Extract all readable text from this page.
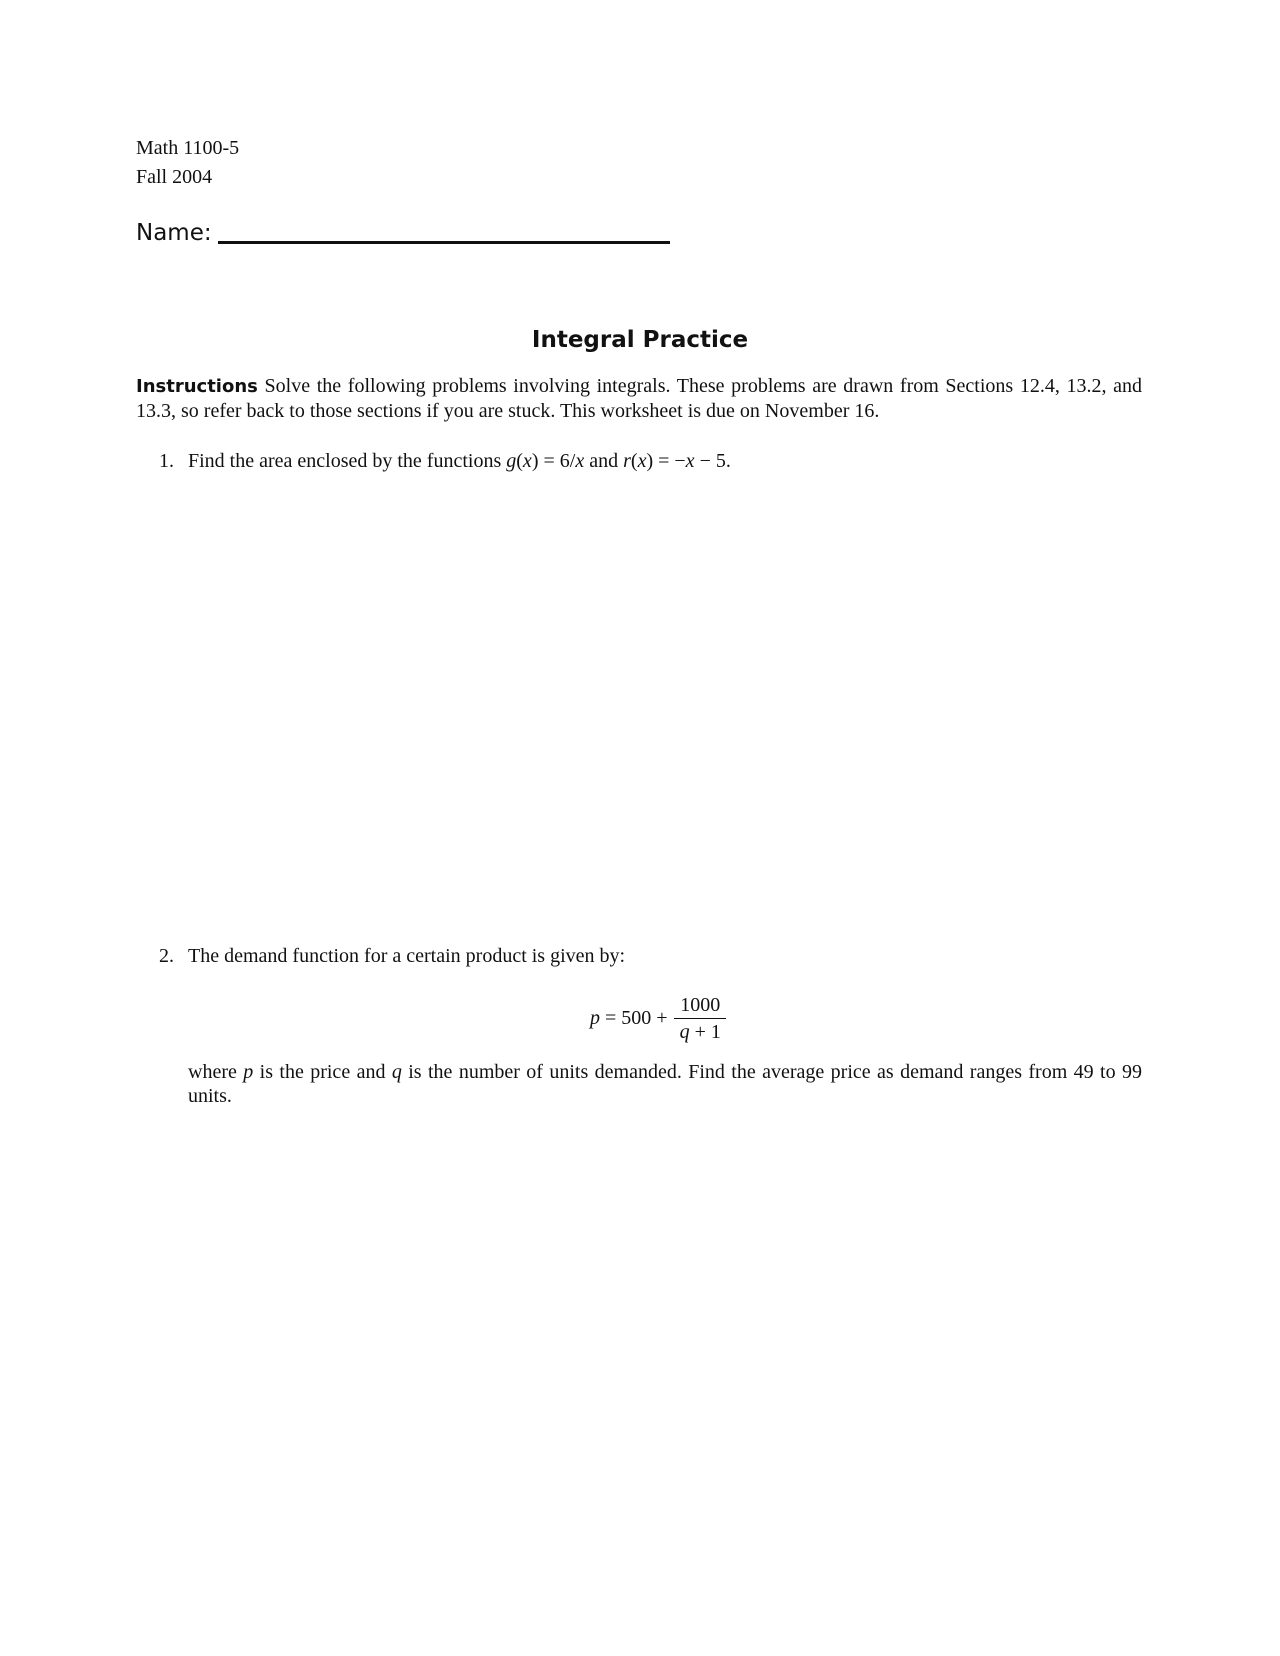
Math 1100-5
Fall 2004
Name:
Integral Practice
Instructions Solve the following problems involving integrals. These problems are drawn from Sections 12.4, 13.2, and 13.3, so refer back to those sections if you are stuck. This worksheet is due on November 16.
1. Find the area enclosed by the functions g(x) = 6/x and r(x) = −x − 5.
2. The demand function for a certain product is given by:
$p = 500 + \frac{1000}{q + 1}$
where p is the price and q is the number of units demanded. Find the average price as demand ranges from 49 to 99 units.
